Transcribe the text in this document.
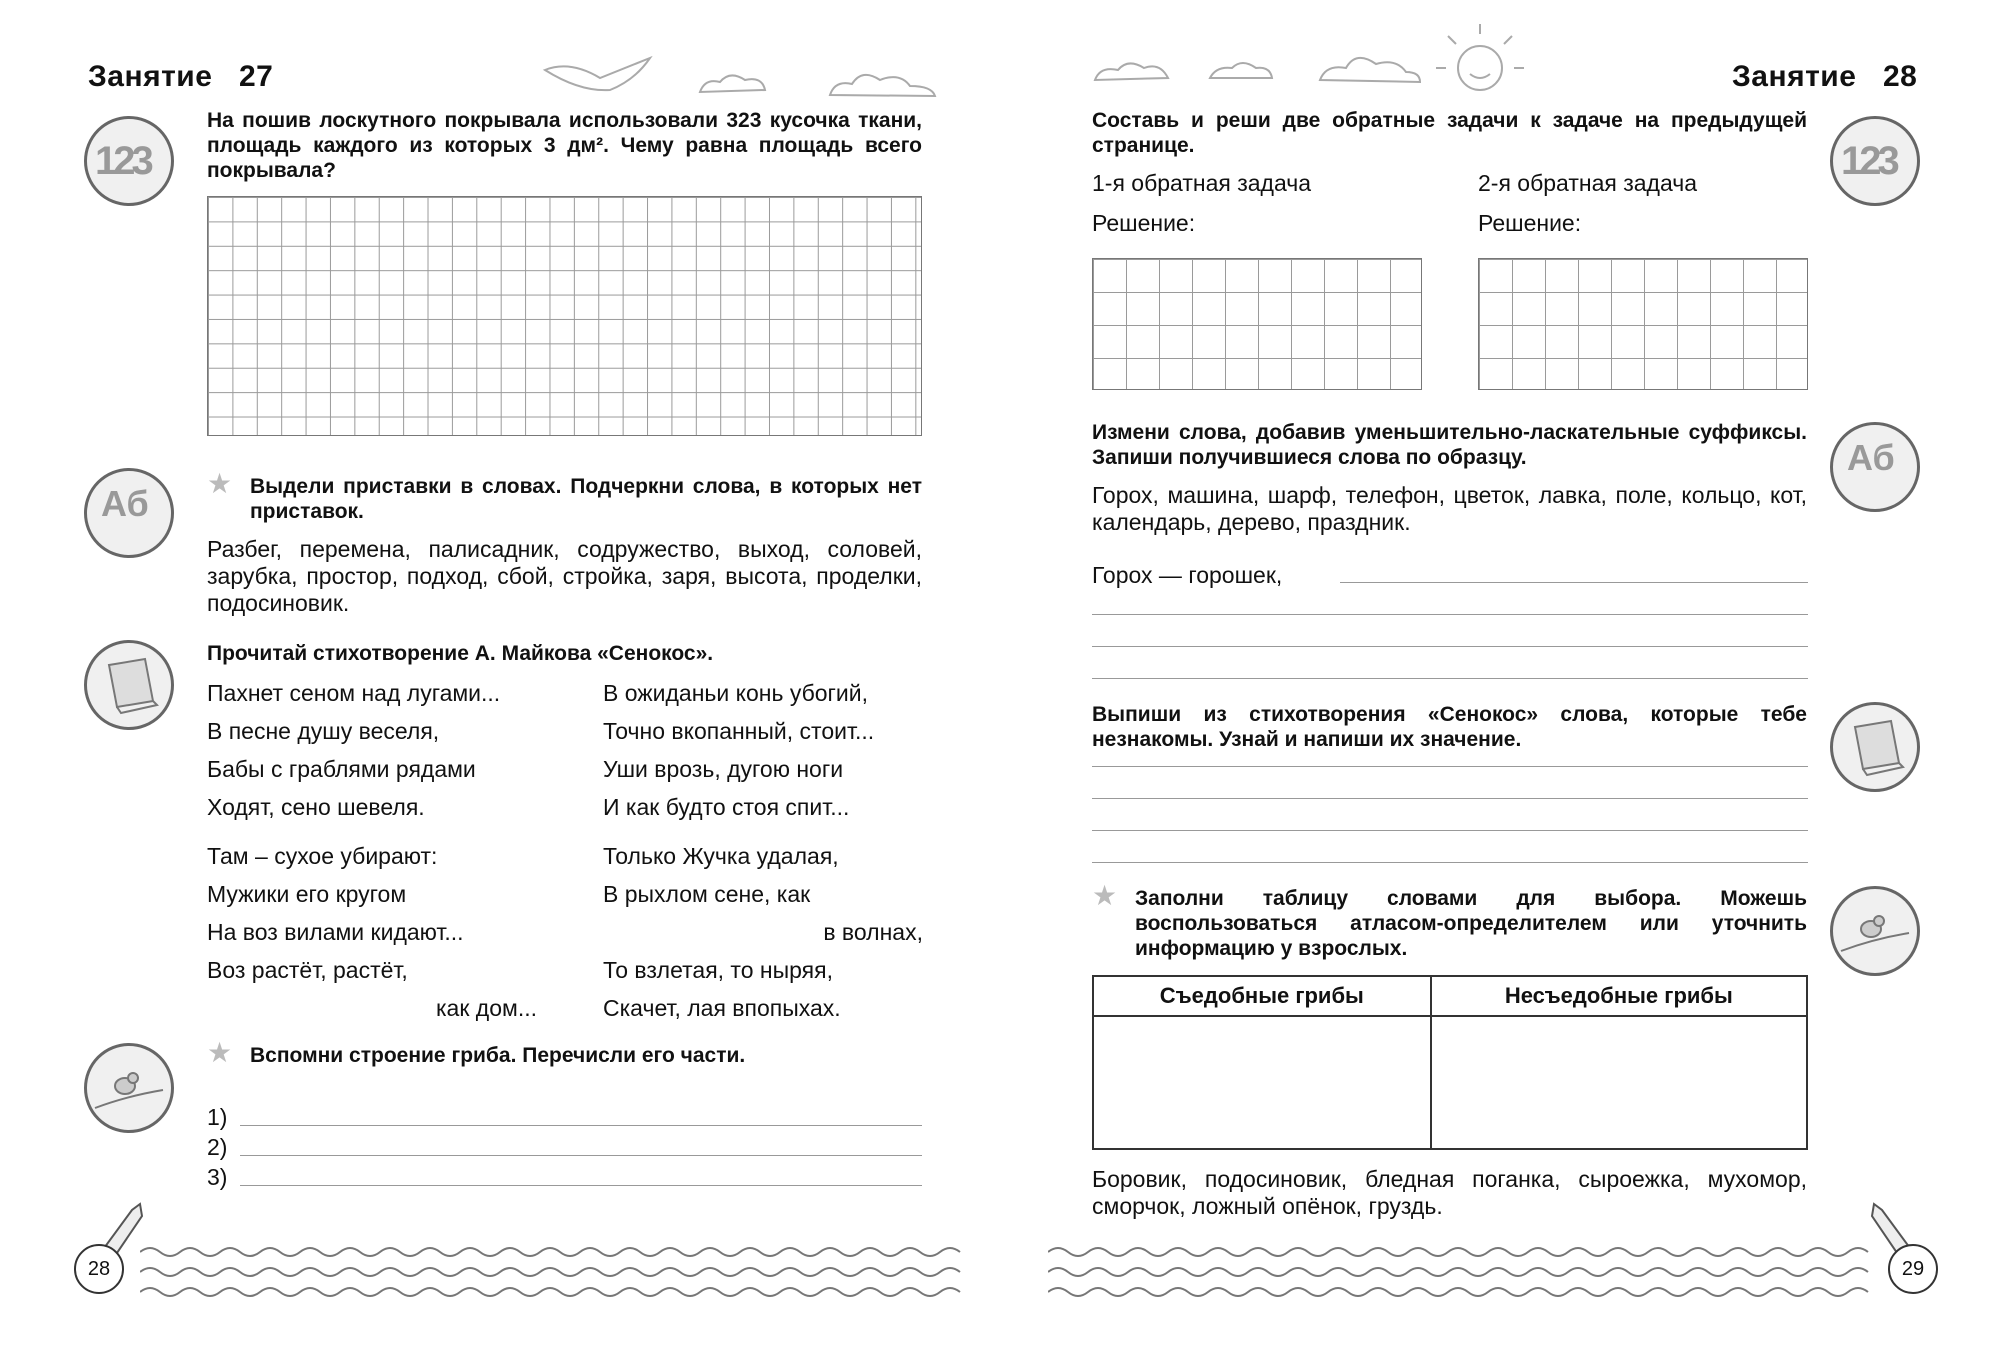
Занятие 27
123
На пошив лоскутного покрывала использовали 323 кусочка ткани, площадь каждого из которых 3 дм². Чему равна площадь всего покрывала?
Аб ★ Выдели приставки в словах. Подчеркни слова, в которых нет приставок.
Разбег, перемена, палисадник, содружество, выход, соловей, зарубка, простор, подход, сбой, стройка, заря, высота, проделки, подосиновик.
Прочитай стихотворение А. Майкова «Сенокос».
Пахнет сеном над лугами...
В песне душу веселя,
Бабы с граблями рядами
Ходят, сено шевеля.
В ожиданьи конь убогий,
Точно вкопанный, стоит...
Уши врозь, дугою ноги
И как будто стоя спит...
Там – сухое убирают:
Мужики его кругом
На воз вилами кидают...
Воз растёт, растёт,
как дом...
Только Жучка удалая,
В рыхлом сене, как
в волнах,
То взлетая, то ныряя,
Скачет, лая впопыхах.
★ Вспомни строение гриба. Перечисли его части.
1)
2)
3)
28
Занятие 28
Составь и реши две обратные задачи к задаче на предыдущей странице.	123
1-я обратная задача	2-я обратная задача
Решение:	Решение:
Измени слова, добавив уменьшительно-ласкательные суффиксы. Запиши получившиеся слова по образцу.	Аб
Горох, машина, шарф, телефон, цветок, лавка, поле, кольцо, кот, календарь, дерево, праздник.
Горох — горошек,
Выпиши из стихотворения «Сенокос» слова, которые тебе незнакомы. Узнай и напиши их значение.
★ Заполни таблицу словами для выбора. Можешь воспользоваться атласом-определителем или уточнить информацию у взрослых.
Съедобные грибы	Несъедобные грибы

Боровик, подосиновик, бледная поганка, сыроежка, мухомор, сморчок, ложный опёнок, груздь.
29
